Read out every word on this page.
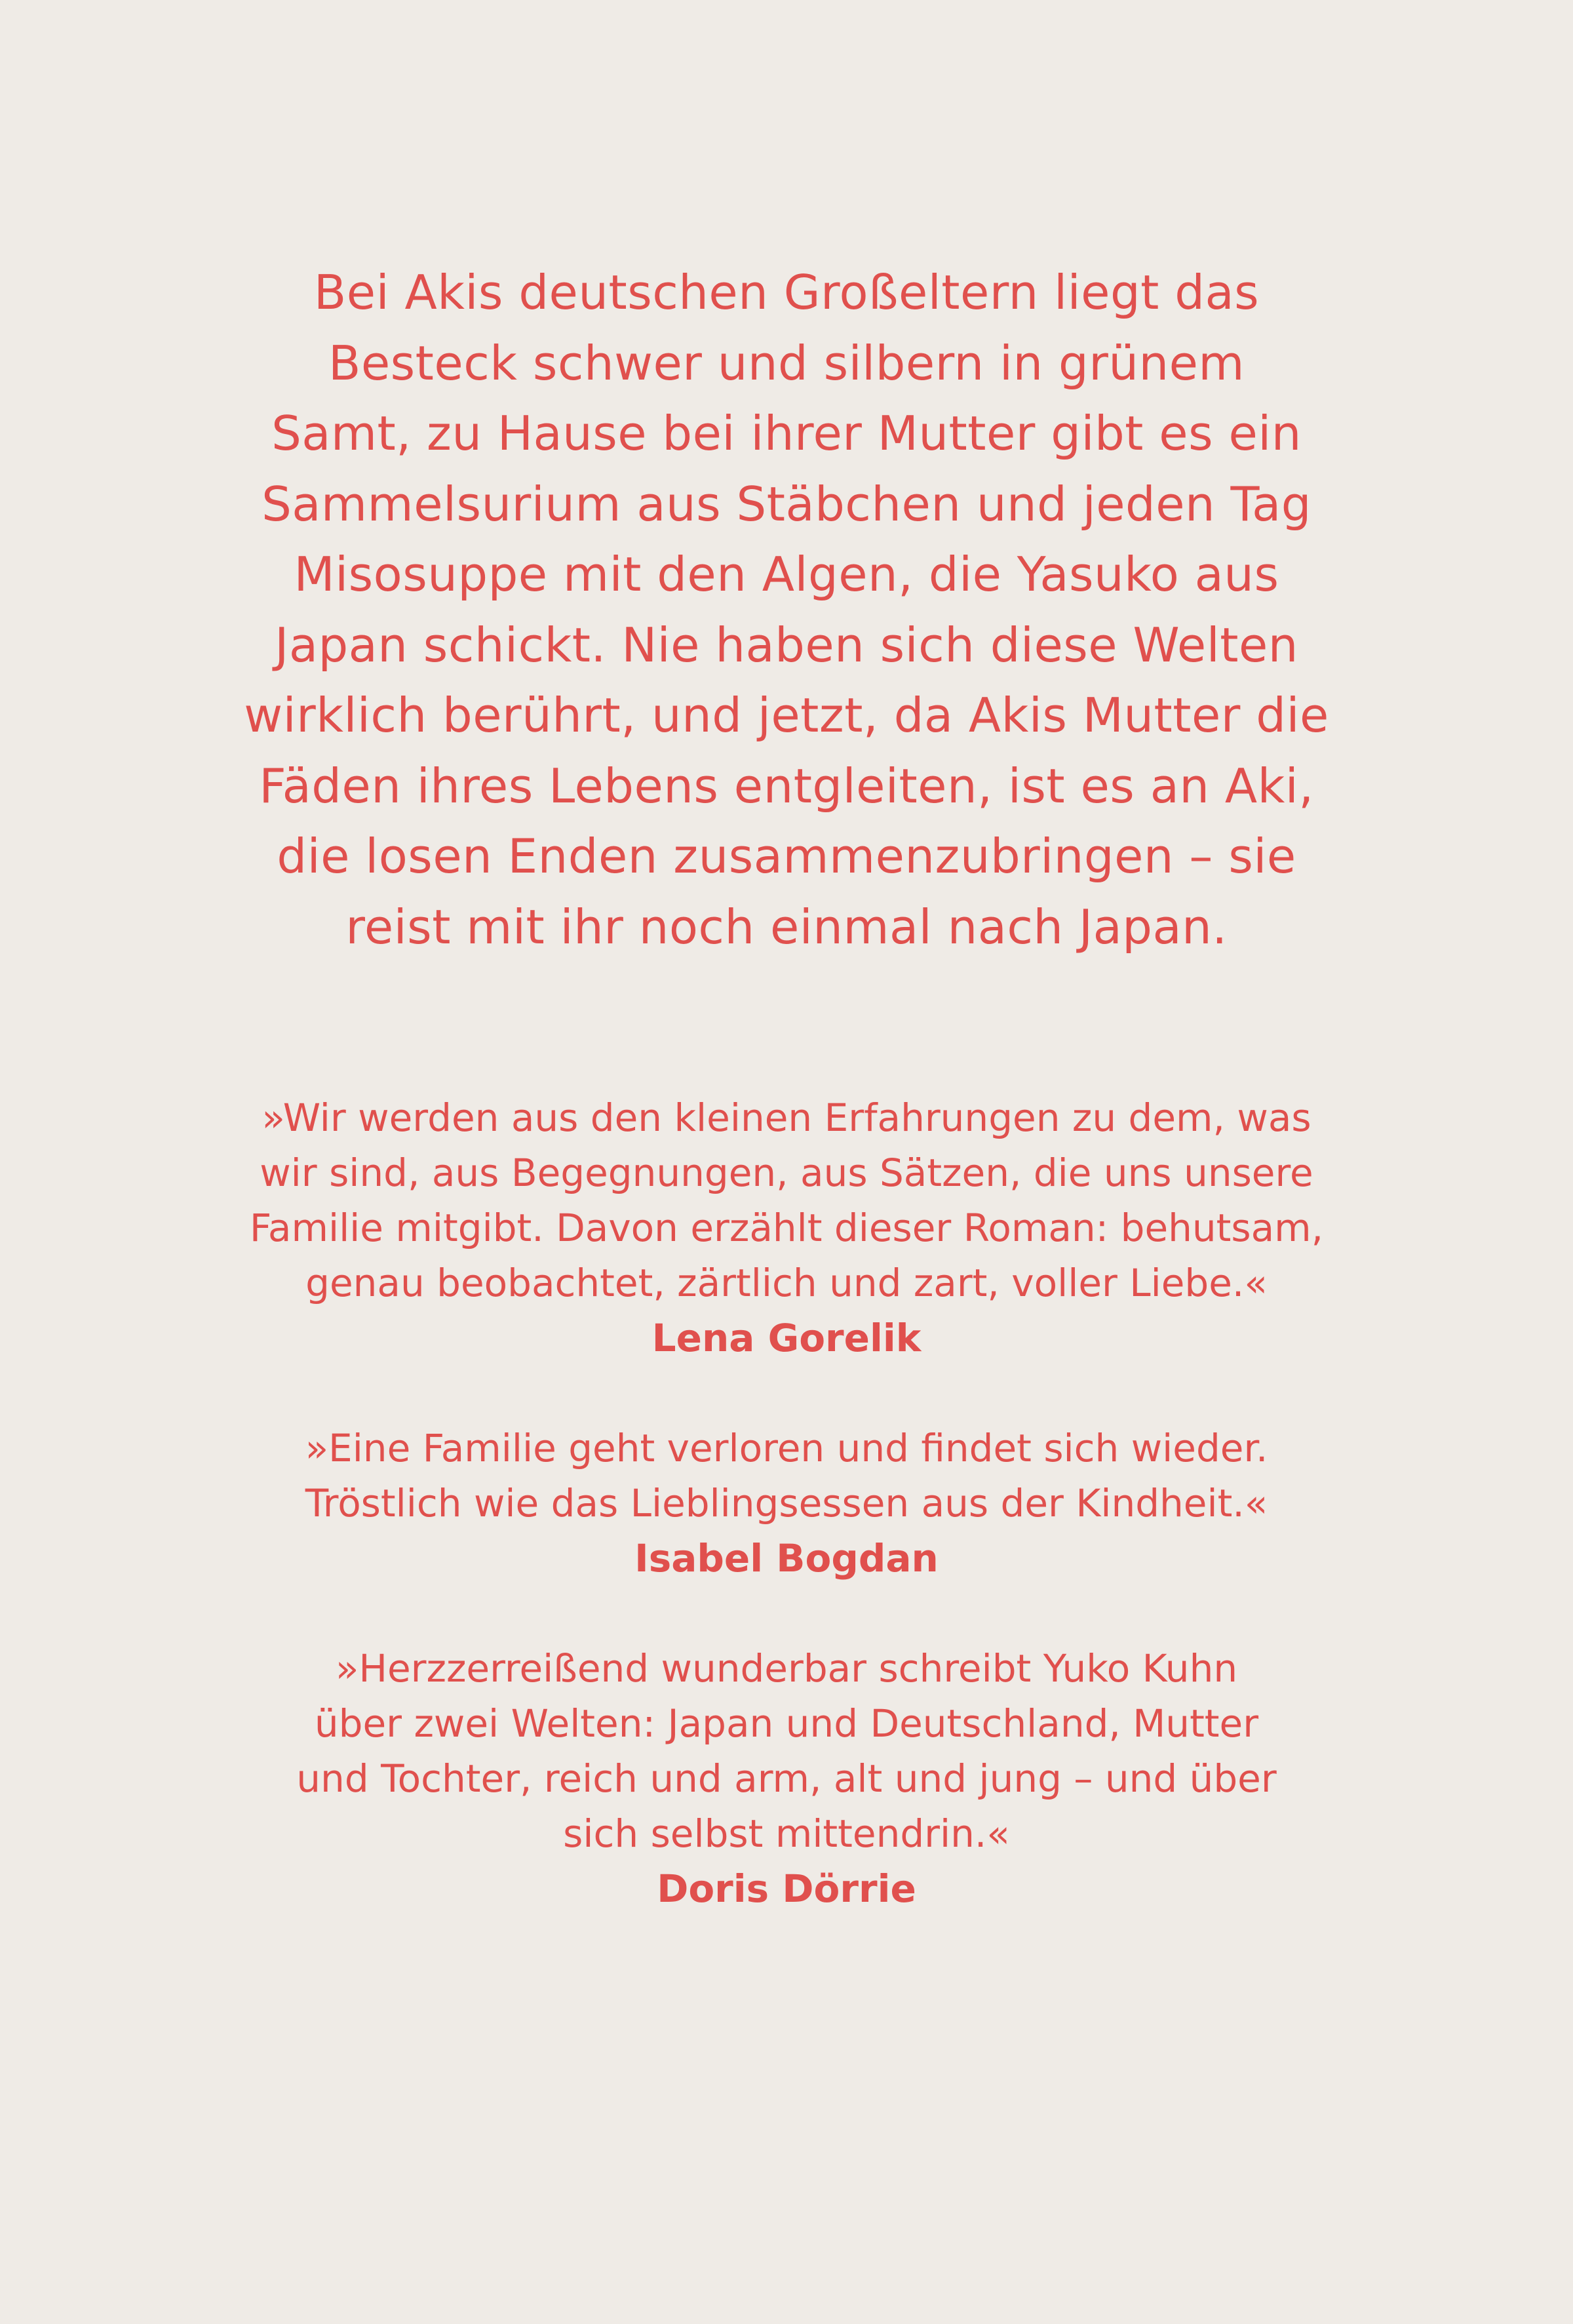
Bei Akis deutschen Großeltern liegt das
Besteck schwer und silbern in grünem
Samt, zu Hause bei ihrer Mutter gibt es ein
Sammelsurium aus Stäbchen und jeden Tag
Misosuppe mit den Algen, die Yasuko aus
Japan schickt. Nie haben sich diese Welten
wirklich berührt, und jetzt, da Akis Mutter die
Fäden ihres Lebens entgleiten, ist es an Aki,
die losen Enden zusammenzubringen – sie
reist mit ihr noch einmal nach Japan.
»Wir werden aus den kleinen Erfahrungen zu dem, was
wir sind, aus Begegnungen, aus Sätzen, die uns unsere
Familie mitgibt. Davon erzählt dieser Roman: behutsam,
genau beobachtet, zärtlich und zart, voller Liebe.«
Lena Gorelik
»Eine Familie geht verloren und findet sich wieder.
Tröstlich wie das Lieblingsessen aus der Kindheit.«
Isabel Bogdan
»Herzzerreißend wunderbar schreibt Yuko Kuhn
über zwei Welten: Japan und Deutschland, Mutter
und Tochter, reich und arm, alt und jung – und über
sich selbst mittendrin.«
Doris Dörrie
